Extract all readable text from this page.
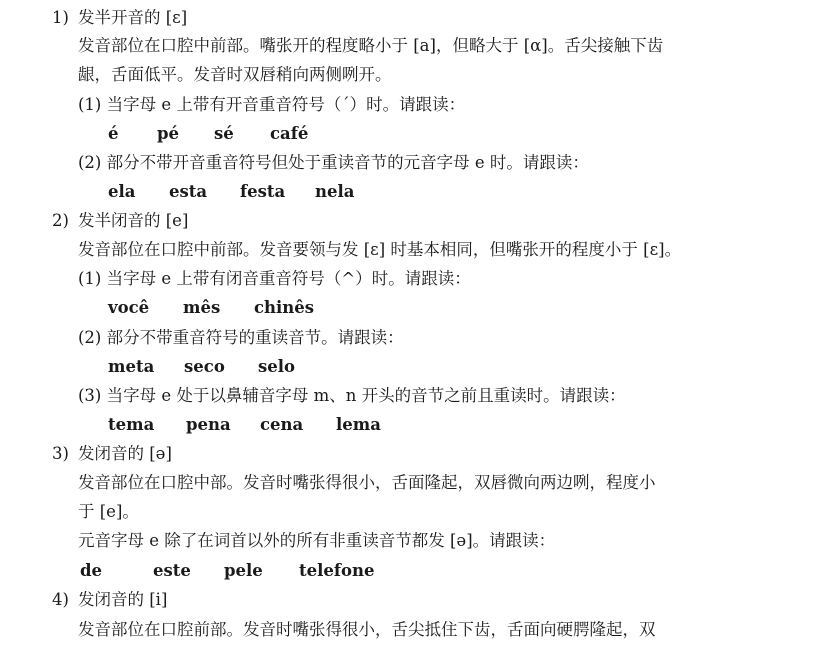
1) 发半开音的 [ɛ]
发音部位在口腔中前部。嘴张开的程度略小于 [a]，但略大于 [α]。舌尖接触下齿
龈，舌面低平。发音时双唇稍向两侧咧开。
(1) 当字母 e 上带有开音重音符号（´）时。请跟读：
é pé sé café
(2) 部分不带开音重音符号但处于重读音节的元音字母 e 时。请跟读：
ela esta festa nela
2) 发半闭音的 [e]
发音部位在口腔中前部。发音要领与发 [ɛ] 时基本相同，但嘴张开的程度小于 [ɛ]。
(1) 当字母 e 上带有闭音重音符号（^）时。请跟读：
você mês chinês
(2) 部分不带重音符号的重读音节。请跟读：
meta seco selo
(3) 当字母 e 处于以鼻辅音字母 m、n 开头的音节之前且重读时。请跟读：
tema pena cena lema
3) 发闭音的 [ə]
发音部位在口腔中部。发音时嘴张得很小，舌面隆起，双唇微向两边咧，程度小
于 [e]。
元音字母 e 除了在词首以外的所有非重读音节都发 [ə]。请跟读：
de	este pele telefone
4) 发闭音的 [i]
发音部位在口腔前部。发音时嘴张得很小，舌尖抵住下齿，舌面向硬腭隆起，双
